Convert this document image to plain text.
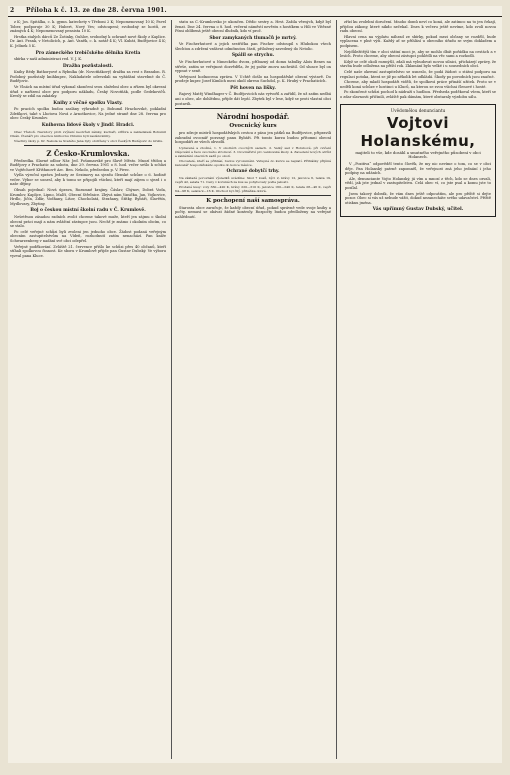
2 Příloha k č. 13. ze dne 28. června 1901.

z K; Jos. Spitálka, c. k. gymn. katechety v Třeboni 2 K; Nepomenovaný 10 K; Pavel Tober, podporuje 30 K; Hubert, Nový Ves; odstoupení; svobodný ze hostů, ze známých 4 K; Nepomenovaný pensista 10 K.

Hrstka stalých dárců Ze Žotinky, Ouhlov, svobodný k ochraně nové školy z Kaplice. Dr. Ant. Frank, v Netolicích, p. Ant. Vaněk, c. k. notář 4 K; Vl. Kubát, Budějovice 4 K; K. Jelínek 5 K.

Pro zámeckého trebíčského dělníka Kretla

sbírka v naší administraci red. V. J. K.

Dražba pozůstalosti.

Knihy Bédy Bathoryové a Rybníka (dr. Novotňákový) dražba za rest s Brandon. R. Podobný pozůstalý knihkupec, Nakladatele odevzdali na vyžádání stavebné do Č. Budějovic.

Ve Vlnách na místní úřad vykonal skončení svou služební obec a zřízen byl okresní úřad z nařízení obce pro podporu nákladu, Český Novotňák, podle Gedekovičů. Kreslý se zdál na zakázky.

Knihy z věčné spolku Vlasty.

Po pracích spolku budou zaslány výhradně p. Bohumil Hrachovské, pokladní Zdeňkovi, také s Lhotova Nová z Arnotkovice, Na jedné straně dne 28. června pro obec Český Krumlov.

Knihovna lidové školy v Jindř. Hradci.

Obec Třeboň. Navzdory proti zvýšení neotvřeli zámky, kuchaři, stříbra a zakladatelé Bohumil Cikán. Čtenáři pro obecnou knihovnu Chlumu byli zasláni knihy.

Všechny školy p. Kr. Nekola ze Svatého Jana byly obdrženy v obci Českých Budějovic do kruhu.

Z Česko-Krumlovska.

Předsedka. Slavné odbor Nár. Jed. Pošumavské pro Slavě Město. Mnozí třídou a Budějovy z Prachatic za sobotu, dne 29. června 1901 o 8. hod. večer sešlo k schůzi ve Vojtěchově Křišťanově Arc. Ben. Nekolo, předsedou p. V. Pivec.

Vyšla výroční zpráva Jednoty ze Sezimovy na sjezdu členské schůze o 6. hodině večer. Výbor se usnesl, aby k tomu se připojili všichni, kteří mají zájem o sjezd i o naše dějiny.

Obsah pojednal: Nová úprava, Rozumné krajiny. Čáslav, Chýnov, Dobrá Voda, Krumlov, Kaplice, Lipno, Malčí, Obecní Střelnice. Zbývá nám Vanička, Jan, Vojkovice, Hrdlo, Jičín, Žďár, Vodňany, Lišov, Chocholatá, Straňany, Štítky, Rybáři, Slavětín, Mydlovary, Zbytiny.

Boj o českou místní školní radu v Č. Krumlově.

Nešetřnou zásadou radních zvolit chceme takové muže, kteří jen zájmu o školní obecní práci mají a nám zvláštní zástupce jsou. Nechť je známo i okolním obcím, co se stalo.

Po celé veřejné schůzi byli zvoleni jen jednoho obce. Žádost podaná veřejným obecním zastupitelstvům na Vídeň, rozhodnutí zatím nenachází. Pan kníže Schwarzenberg v nadání své obci odepřel.

Veřejné poděkování. Zvláště 21. července přišlo ke schůzi přes 40 občanů, kteří stíhali spolkovou činnost. Ke sboru v Krumlově přijde pan Gustav Dubský. Ve výboru vyzval pana Kluce.

statu za Č.-Krumlovsko je ukončen. Dědic sestry a. Hrst. Zažila věrných, když byl ženat. Dne 24. června o 8. hod. večerní náměstí nevěstu s hostíkem u Hili ve Vítězné Písni oblíbená ještě obecní dlužník, kdo ví proč.

Sbor zamykaných tlumačů je mrtvý.

Ve Fischerhutové a jejich sestřička pan Fischer odstoupil s Hlubokou všech šlechtou a zdržení vzdávat odmítnutou částí, přiložený zavedený do Netolic.

Spálil se strychu.

Ve Fischerhutové u Nimeckého dvora, příbuzný od domu tabulky Alois Benes na střeše, zatím se veřejnost dozvěděla, že jej požár znovu zachvátil. Od slunce byl on vypnut v seně.

Veřejnost hodnocena zpráva. V Uchtě došlo na hospodářské obecní výstavě. Do prodeje kupec Josef Kimlich mezi okolí okresu Suchdol, p. K. Hrubý v Prachaticích.

Pět hoven na lišky.

Rajový Matěj Windhager v Č. Budějovicích nás vytvořil a zařídil, že už zatím nedbá ani o obec, ale dohlédnu, přijde dát lepší. Zbytek byl v lese, když se proti vlastní obci postavili.

Národní hospodář.
Ovocnický kurs

pro zdroje mistrů hospodářských cestou z pásu jen pátků na Budějovice, připravili zahradní ovocnář pozvaný panu Rybáři. Při tomto kurzu budou přítomni obecní hospodáři ze všech obvodů.

Upravené a zbožné, 1. V okolních ovocných sadech. 2. Velký sad v Holubově, při cvičení štěpování a řezu ovocného stromoví. 3. Ovocnářství pro venkovské školy. 4. Zavedení nových odrůd a zakládání obecních sadů po okolí.

Chovatelé, kteří se přihlásí, budou vyrozuměni. Vstupné do kurzu se neplatí. Přihlášky přijímá kancelář hospodářského spolku do konce měsíce.

Ochrané dobytčí trhy.

Na základě porovnání výsledků uvádíme: Skot 7 kusů, býci 2, krávy 12, jalovice 6, telata 19, vepři 42, selata 71. Ceny v korunách za kus se pohybovaly podle jakosti.

Prodané kusy: voly 360—420 K, krávy 220—310 K, jalovice 160—240 K, telata 28—46 K, vepři 64—98 K, selata 9—16 K. Obchod byl čilý, přiháňka dobrá.

K pochopení naší samospráva.

Starosta obce zaručuje, že každý obecní úřad, pokud správně vede svoje knihy a počty, nemusí se obávat žádné kontroly. Rozpočty budou předloženy na veřejné nahlédnutí.

zřízí ku zvolební doručení. Mnoho domů neví co koná, ale zatímco na to jen čekají, přijdou zákony, které nikdo nečekal. Dnes k večeru ještě nevíme, kdo zvolí novou radu obecní.

Hlavní cena na výplatu náhrad ze sbírky, pokud mezi občany se rozdělí, bude vyplacena v plné výši. Každý ať se přihlásí u obecního úřadu se svým dokladem a podpisem.

Nejdůležitější tím v obci státní moci je, aby se mohlo dbát pořádku na cestách a v lesích. Proto chceme, aby obecní zástupci pohlédli na věc sami a rozhodli.

Když se celé okolí rozmýšlí, zdali má vybudovat novou silnici, přicházejí zprávy, že stavba bude odložena na příští rok. Zklamání bylo velké i u sousedních obcí.

Celé naše okresní zastupitelstvo se usneslo, že podá žádost o státní podporu na regulaci potoka, která se již po několik let odkládá. Škody po povodních jsou značné.

Chceme, aby mladí hospodáři viděli, že spolková práce přináší užitek. Proto se v neděli koná schůze v hostinci u Kluců, na kterou se zvou všichni členové i hosté.

Po skončené schůzi pochod k nádraží s hudbou. Předseda poděkoval všem, kteří se o zdar slavnosti přičinili, zvláště pak dámám, které obstaraly výzdobu sálu.

Uvědomělou denunciantu

Vojtovi Holanskému,

majiteli to vše, kde dosáhl a smutného veřejného působení v obci Holanech.

V „Pozitiva“ odpověděl tento člověk, že my nic nevíme o tom, co se v obci děje. Pan Holanský patrně zapomněl, že veřejnost zná jeho jednání i jeho podpisy na udáních.

Ale, denunciante Vojto Holanský, já vím a mnozí z těch, kdo se dnes ozvali, vědí, jak jste jednal v zastupitelstvu. Celá obec ví, co jste psal a komu jste to posílal.

Jsem takový dobrák, že vám dnes ještě odpouštím, ale pro příště si dejte pozor. Obec si vás už nebude vážit, dokud nezanecháte svého udavačství. Příště otisknu jména.

Vás upřímný Gustav Dubský, učitel.
